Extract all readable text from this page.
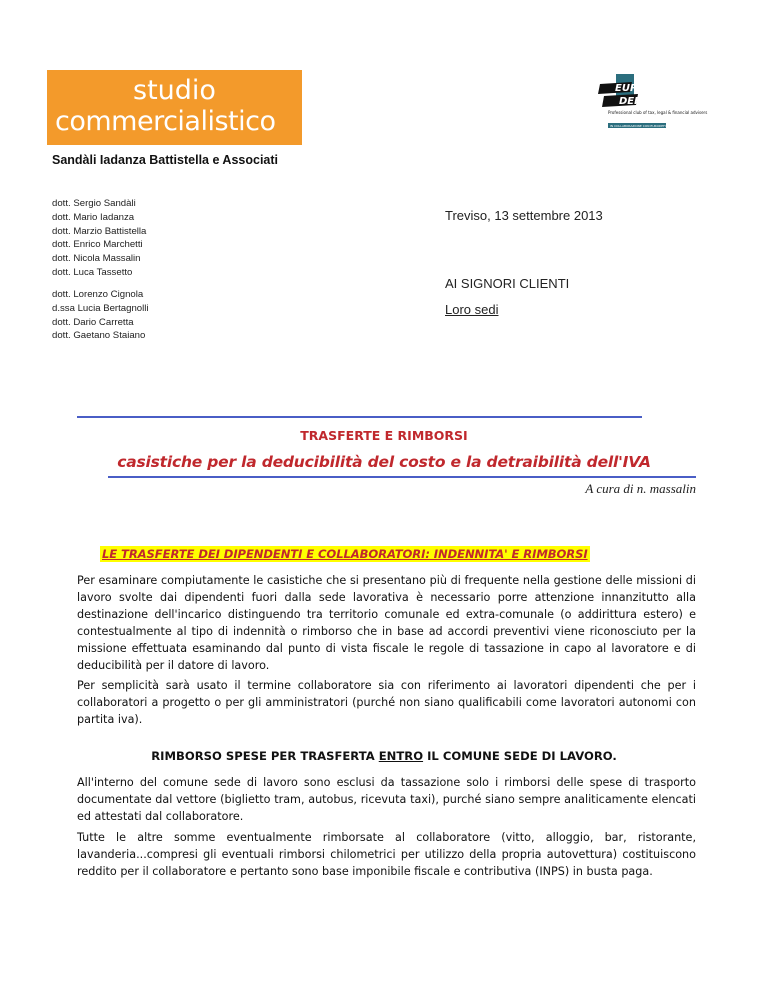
studio
commercialistico
Sandàli Iadanza Battistella e Associati
EURO
DEFI
Professional club of tax, legal & financial advisers
IN COLLABORAZIONE CON EURODEFI
dott. Sergio Sandàli
dott. Mario Iadanza
dott. Marzio Battistella
dott. Enrico Marchetti
dott. Nicola Massalin
dott. Luca Tassetto
dott. Lorenzo Cignola
d.ssa Lucia Bertagnolli
dott. Dario Carretta
dott. Gaetano Staiano
Treviso, 13 settembre 2013
AI SIGNORI CLIENTI
Loro sedi
TRASFERTE E RIMBORSI
casistiche per la deducibilità del costo e la detraibilità dell'IVA
A cura di n. massalin
LE TRASFERTE DEI DIPENDENTI E COLLABORATORI: INDENNITA' E RIMBORSI
Per esaminare compiutamente le casistiche che si presentano più di frequente nella gestione delle missioni di lavoro svolte dai dipendenti fuori dalla sede lavorativa è necessario porre attenzione innanzitutto alla destinazione dell'incarico distinguendo tra territorio comunale ed extra-comunale (o addirittura estero) e contestualmente al tipo di indennità o rimborso che in base ad accordi preventivi viene riconosciuto per la missione effettuata esaminando dal punto di vista fiscale le regole di tassazione in capo al lavoratore e di deducibilità per il datore di lavoro.
Per semplicità sarà usato il termine collaboratore sia con riferimento ai lavoratori dipendenti che per i collaboratori a progetto o per gli amministratori (purché non siano qualificabili come lavoratori autonomi con partita iva).
RIMBORSO SPESE PER TRASFERTA ENTRO IL COMUNE SEDE DI LAVORO.
All'interno del comune sede di lavoro sono esclusi da tassazione solo i rimborsi delle spese di trasporto documentate dal vettore (biglietto tram, autobus, ricevuta taxi), purché siano sempre analiticamente elencati ed attestati dal collaboratore.
Tutte le altre somme eventualmente rimborsate al collaboratore (vitto, alloggio, bar, ristorante, lavanderia...compresi gli eventuali rimborsi chilometrici per utilizzo della propria autovettura) costituiscono reddito per il collaboratore e pertanto sono base imponibile fiscale e contributiva (INPS) in busta paga.
